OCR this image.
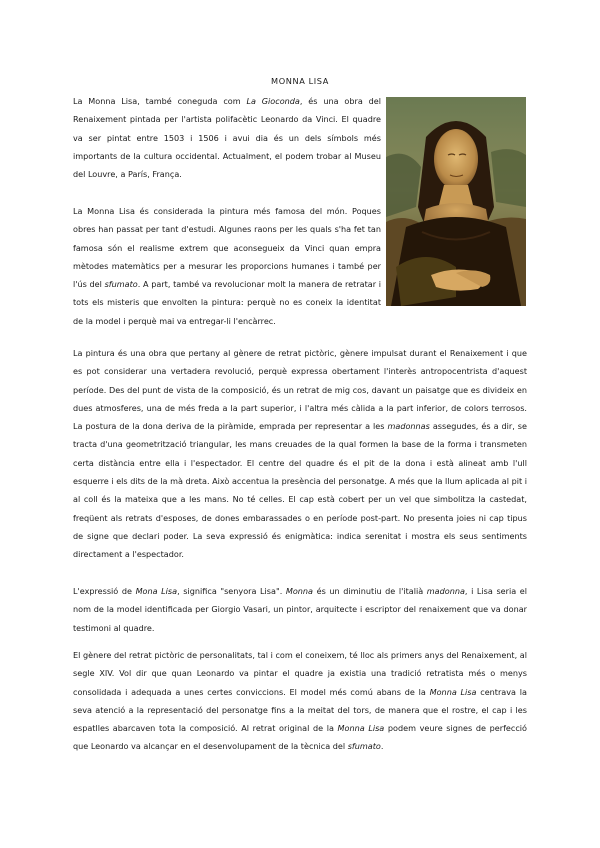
MONNA LISA
La Monna Lisa, també coneguda com La Gioconda, és una obra del Renaixement pintada per l'artista polifacètic Leonardo da Vinci. El quadre va ser pintat entre 1503 i 1506 i avui dia és un dels símbols més importants de la cultura occidental. Actualment, el podem trobar al Museu del Louvre, a París, França.
La Monna Lisa és considerada la pintura més famosa del món. Poques obres han passat per tant d'estudi. Algunes raons per les quals s'ha fet tan famosa són el realisme extrem que aconsegueix da Vinci quan empra mètodes matemàtics per a mesurar les proporcions humanes i també per l'ús del sfumato. A part, també va revolucionar molt la manera de retratar i tots els misteris que envolten la pintura: perquè no es coneix la identitat de la model i perquè mai va entregar-li l'encàrrec.
La pintura és una obra que pertany al gènere de retrat pictòric, gènere impulsat durant el Renaixement i que es pot considerar una vertadera revolució, perquè expressa obertament l'interès antropocentrista d'aquest període. Des del punt de vista de la composició, és un retrat de mig cos, davant un paisatge que es divideix en dues atmosferes, una de més freda a la part superior, i l'altra més càlida a la part inferior, de colors terrosos. La postura de la dona deriva de la piràmide, emprada per representar a les madonnas assegudes, és a dir, se tracta d'una geometrització triangular, les mans creuades de la qual formen la base de la forma i transmeten certa distància entre ella i l'espectador. El centre del quadre és el pit de la dona i està alineat amb l'ull esquerre i els dits de la mà dreta. Això accentua la presència del personatge. A més que la llum aplicada al pit i al coll és la mateixa que a les mans. No té celles. El cap està cobert per un vel que simbolitza la castedat, freqüent als retrats d'esposes, de dones embarassades o en període post-part. No presenta joies ni cap tipus de signe que declari poder. La seva expressió és enigmàtica: indica serenitat i mostra els seus sentiments directament a l'espectador.
L'expressió de Mona Lisa, significa "senyora Lisa". Monna és un diminutiu de l'italià madonna, i Lisa seria el nom de la model identificada per Giorgio Vasari, un pintor, arquitecte i escriptor del renaixement que va donar testimoni al quadre.
El gènere del retrat pictòric de personalitats, tal i com el coneixem, té lloc als primers anys del Renaixement, al segle XIV. Vol dir que quan Leonardo va pintar el quadre ja existia una tradició retratista més o menys consolidada i adequada a unes certes conviccions. El model més comú abans de la Monna Lisa centrava la seva atenció a la representació del personatge fins a la meitat del tors, de manera que el rostre, el cap i les espatlles abarcaven tota la composició. Al retrat original de la Monna Lisa podem veure signes de perfecció que Leonardo va alcançar en el desenvolupament de la tècnica del sfumato.
